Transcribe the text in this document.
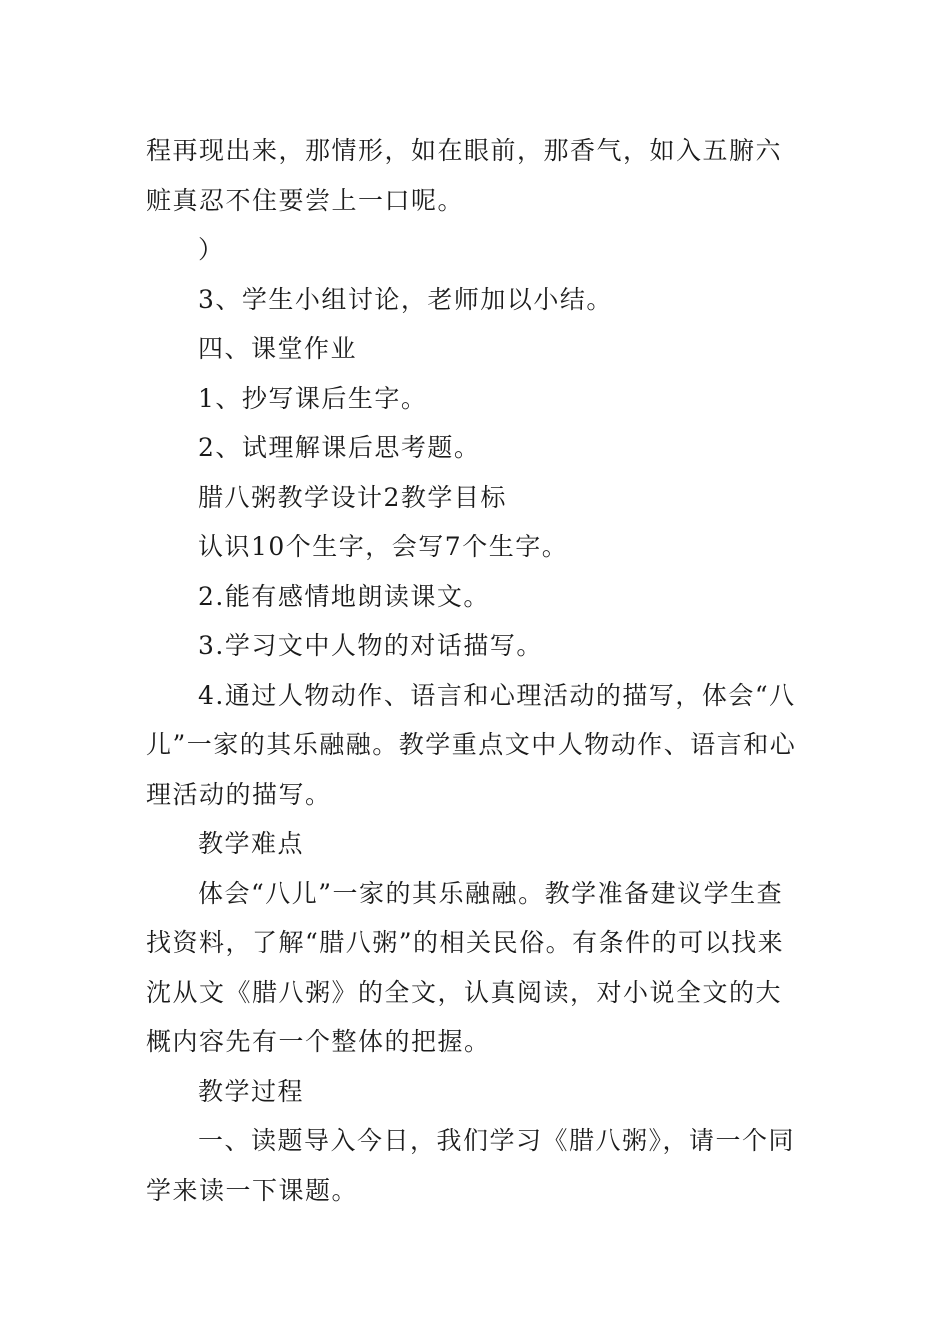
程再现出来，那情形，如在眼前，那香气，如入五腑六赃真忍不住要尝上一口呢。

）

3、学生小组讨论，老师加以小结。

四、课堂作业

1、抄写课后生字。

2、试理解课后思考题。

腊八粥教学设计2教学目标

认识10个生字，会写7个生字。

2.能有感情地朗读课文。

3.学习文中人物的对话描写。

4.通过人物动作、语言和心理活动的描写，体会“八儿”一家的其乐融融。教学重点文中人物动作、语言和心理活动的描写。

教学难点

体会“八儿”一家的其乐融融。教学准备建议学生查找资料，了解“腊八粥”的相关民俗。有条件的可以找来沈从文《腊八粥》的全文，认真阅读，对小说全文的大概内容先有一个整体的把握。

教学过程

一、读题导入今日，我们学习《腊八粥》，请一个同学来读一下课题。
